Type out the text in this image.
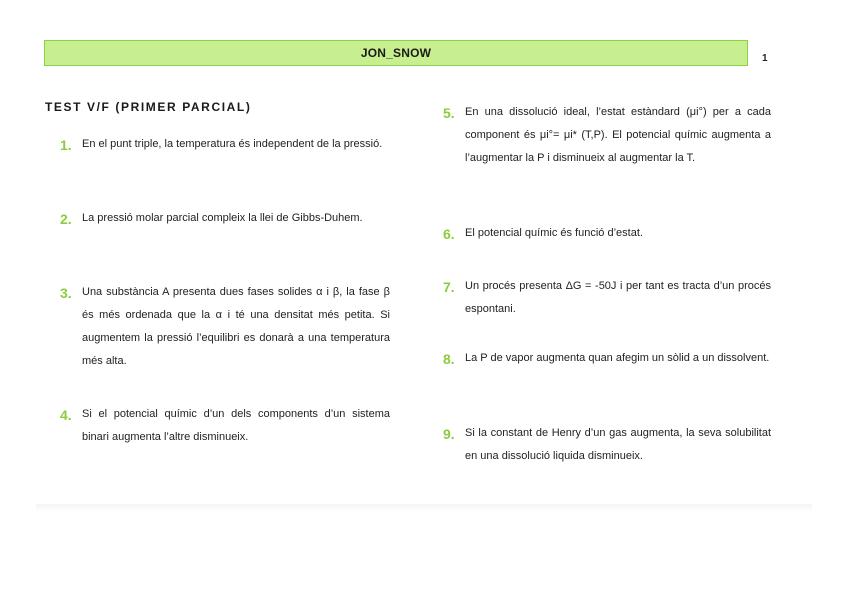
JON_SNOW	1
TEST V/F (PRIMER PARCIAL)
1. En el punt triple, la temperatura és independent de la pressió.
2. La pressió molar parcial compleix la llei de Gibbs-Duhem.
3. Una substància A presenta dues fases solides α i β, la fase β és més ordenada que la α i té una densitat més petita. Si augmentem la pressió l’equilibri es donarà a una temperatura més alta.
4. Si el potencial químic d’un dels components d’un sistema binari augmenta l’altre disminueix.
5. En una dissolució ideal, l’estat estàndard (μi°) per a cada component és μi°= μi* (T,P). El potencial químic augmenta a l’augmentar la P i disminueix al augmentar la T.
6. El potencial químic és funció d’estat.
7. Un procés presenta ΔG = -50J i per tant es tracta d’un procés espontani.
8. La P de vapor augmenta quan afegim un sòlid a un dissolvent.
9. Si la constant de Henry d’un gas augmenta, la seva solubilitat en una dissolució liquida disminueix.
